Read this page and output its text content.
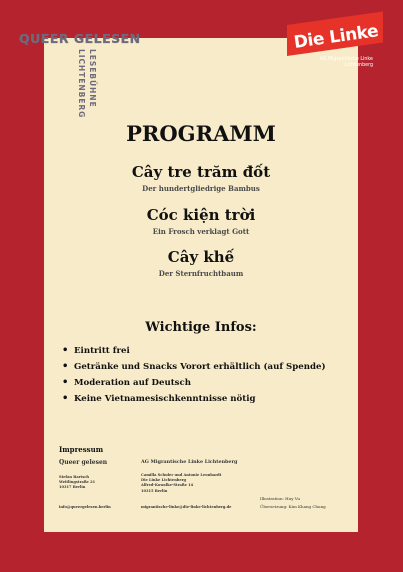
QUEER GELESEN
LESEBÜHNE
LICHTENBERG
Die Linke
AG Migrantische Linke
Lichtenberg
PROGRAMM
Cây tre trăm đốt
Der hundertgliedrige Bambus
Cóc kiện trời
Ein Frosch verklagt Gott
Cây khế
Der Sternfruchtbaum
Wichtige Infos:
• Eintritt frei
• Getränke und Snacks Vorort erhältlich (auf Spende)
• Moderation auf Deutsch
• Keine Vietnamesischkenntnisse nötig
Impressum
Queer gelesen
Stefan Bartsch
Weitlingstraße 21
10317 Berlin
info@queergelesen.berlin
AG Migrantische Linke Lichtenberg
Camilla Schuler und Antonie Leonhardt
Die Linke Lichtenberg
Alfred-Kowalke-Straße 14
10315 Berlin
migrantische-linke@die-linke-lichtenberg.de
Illustration: Huy Vu
Übersetzung: Kim Khang Chung
